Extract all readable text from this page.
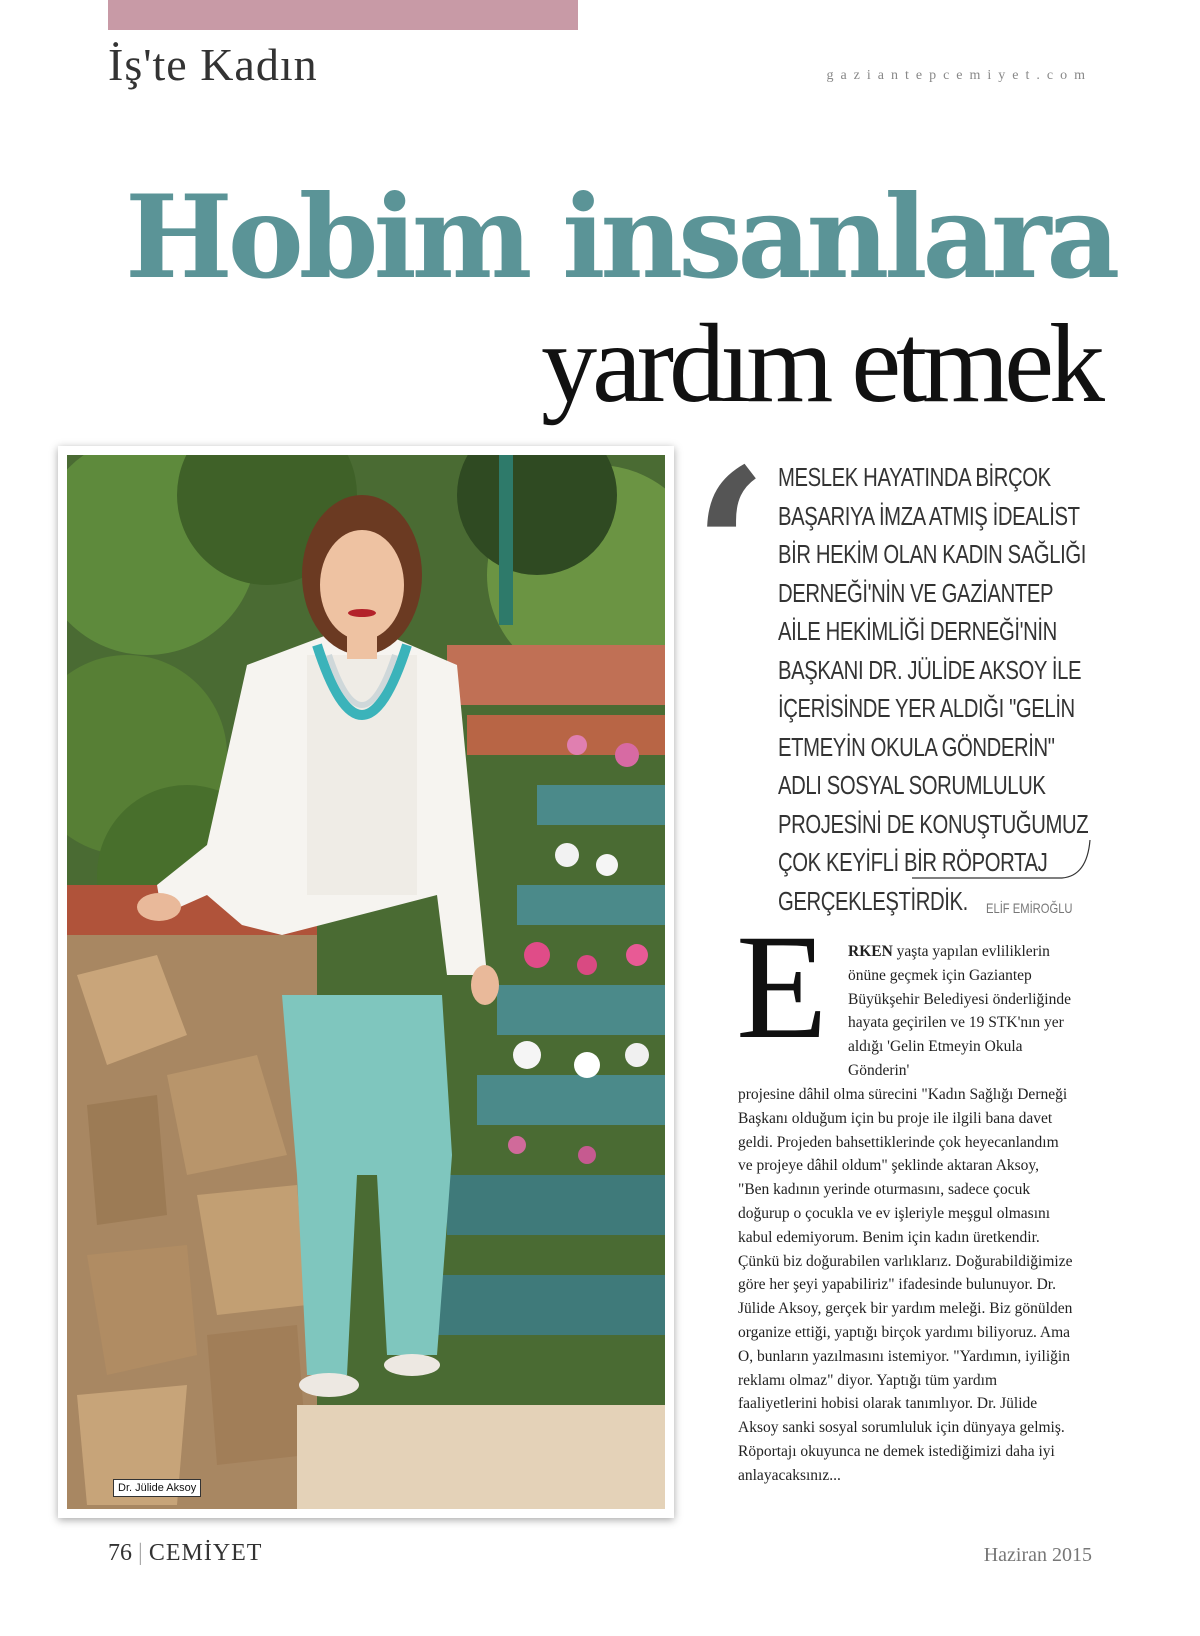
İş'te Kadın	gaziantepcemiyet.com
Hobim insanlara
yardım etmek
Dr. Jülide Aksoy
‘ MESLEK HAYATINDA BİRÇOK BAŞARIYA İMZA ATMIŞ İDEALİST BİR HEKİM OLAN KADIN SAĞLIĞI DERNEĞİ'NİN VE GAZİANTEP AİLE HEKİMLİĞİ DERNEĞİ'NİN BAŞKANI DR. JÜLİDE AKSOY İLE İÇERİSİNDE YER ALDIĞI "GELİN ETMEYİN OKULA GÖNDERİN" ADLI SOSYAL SORUMLULUK PROJESİNİ DE KONUŞTUĞUMUZ ÇOK KEYİFLİ BİR RÖPORTAJ GERÇEKLEŞTİRDİK.	ELİF EMİROĞLU
E RKEN yaşta yapılan evliliklerin önüne geçmek için Gaziantep Büyükşehir Belediyesi önderliğinde hayata geçirilen ve 19 STK'nın yer aldığı 'Gelin Etmeyin Okula Gönderin'
projesine dâhil olma sürecini "Kadın Sağlığı Derneği Başkanı olduğum için bu proje ile ilgili bana davet geldi. Projeden bahsettiklerinde çok heyecanlandım ve projeye dâhil oldum" şeklinde aktaran Aksoy, "Ben kadının yerinde oturmasını, sadece çocuk doğurup o çocukla ve ev işleriyle meşgul olmasını kabul edemiyorum. Benim için kadın üretkendir. Çünkü biz doğurabilen varlıklarız. Doğurabildiğimize göre her şeyi yapabiliriz" ifadesinde bulunuyor. Dr. Jülide Aksoy, gerçek bir yardım meleği. Biz gönülden organize ettiği, yaptığı birçok yardımı biliyoruz. Ama O, bunların yazılmasını istemiyor. "Yardımın, iyiliğin reklamı olmaz" diyor. Yaptığı tüm yardım faaliyetlerini hobisi olarak tanımlıyor. Dr. Jülide Aksoy sanki sosyal sorumluluk için dünyaya gelmiş. Röportajı okuyunca ne demek istediğimizi daha iyi anlayacaksınız...
76 | CEMİYET	Haziran 2015
